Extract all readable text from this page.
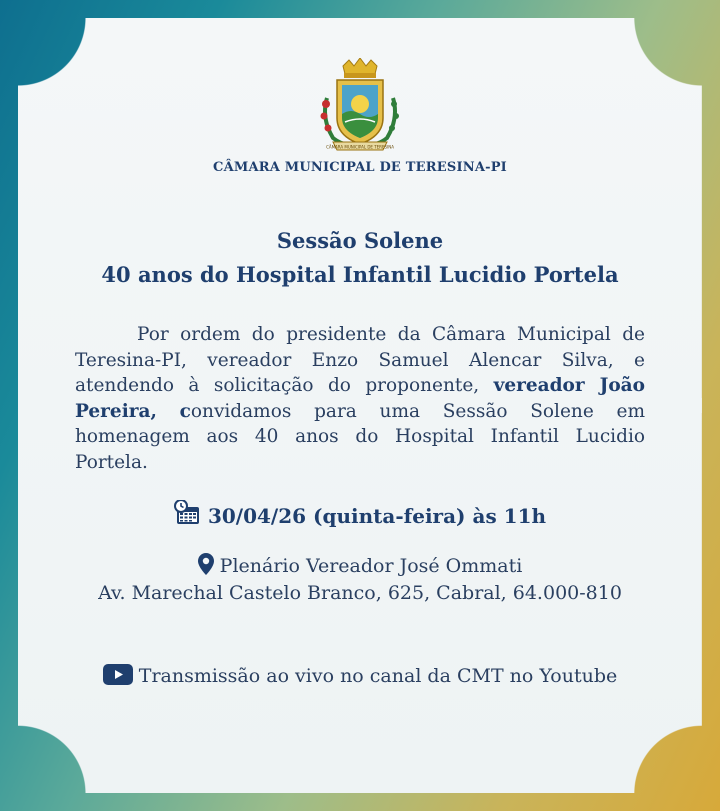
CÂMARA MUNICIPAL DE TERESINA
CÂMARA MUNICIPAL DE TERESINA-PI
Sessão Solene
40 anos do Hospital Infantil Lucidio Portela
Por ordem do presidente da Câmara Municipal de Teresina-PI, vereador Enzo Samuel Alencar Silva, e atendendo à solicitação do proponente, vereador João Pereira, convidamos para uma Sessão Solene em homenagem aos 40 anos do Hospital Infantil Lucidio Portela.
30/04/26 (quinta-feira) às 11h
Plenário Vereador José Ommati
Av. Marechal Castelo Branco, 625, Cabral, 64.000-810
Transmissão ao vivo no canal da CMT no Youtube
